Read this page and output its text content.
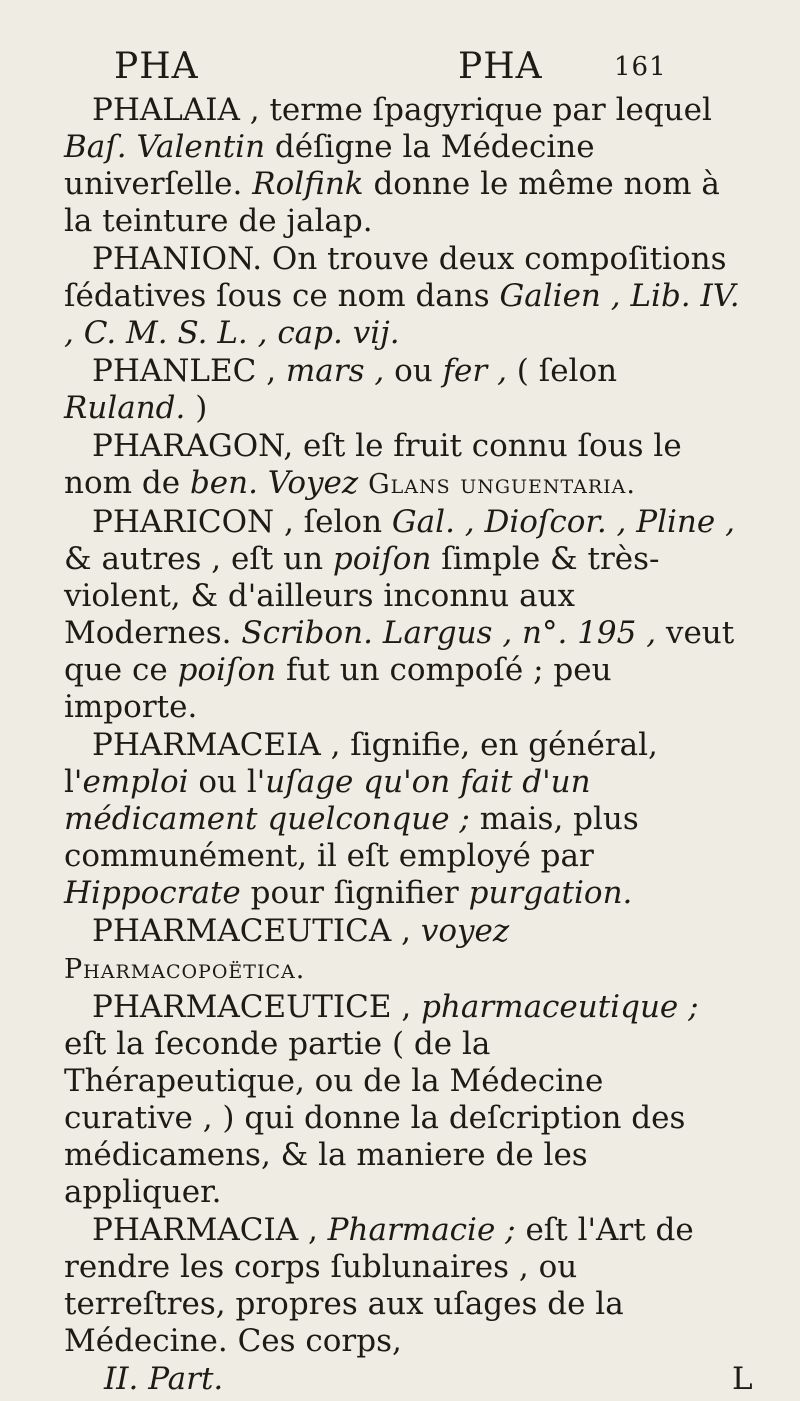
PHA	PHA	161

PHALAIA , terme ſpagyrique par lequel Baſ. Valentin déſigne la Médecine univerſelle. Rolfink donne le même nom à la teinture de jalap.

PHANION. On trouve deux compoſitions ſédatives ſous ce nom dans Galien , Lib. IV. , C. M. S. L. , cap. vij.

PHANLEC , mars , ou fer , ( ſelon Ruland. )

PHARAGON, eſt le fruit connu ſous le nom de ben. Voyez Glans unguentaria.

PHARICON , ſelon Gal. , Dioſcor. , Pline , & autres , eſt un poiſon ſimple & très-violent, & d'ailleurs inconnu aux Modernes. Scribon. Largus , n°. 195 , veut que ce poiſon fut un compoſé ; peu importe.

PHARMACEIA , ſignifie, en général, l'emploi ou l'uſage qu'on fait d'un médicament quelconque ; mais, plus communément, il eſt employé par Hippocrate pour ſignifier purgation.

PHARMACEUTICA , voyez Pharmacopoëtica.

PHARMACEUTICE , pharmaceutique ; eſt la ſeconde partie ( de la Thérapeutique, ou de la Médecine curative , ) qui donne la deſcription des médicamens, & la maniere de les appliquer.

PHARMACIA , Pharmacie ; eſt l'Art de rendre les corps ſublunaires , ou terreſtres, propres aux uſages de la Médecine. Ces corps,

II. Part.	L
